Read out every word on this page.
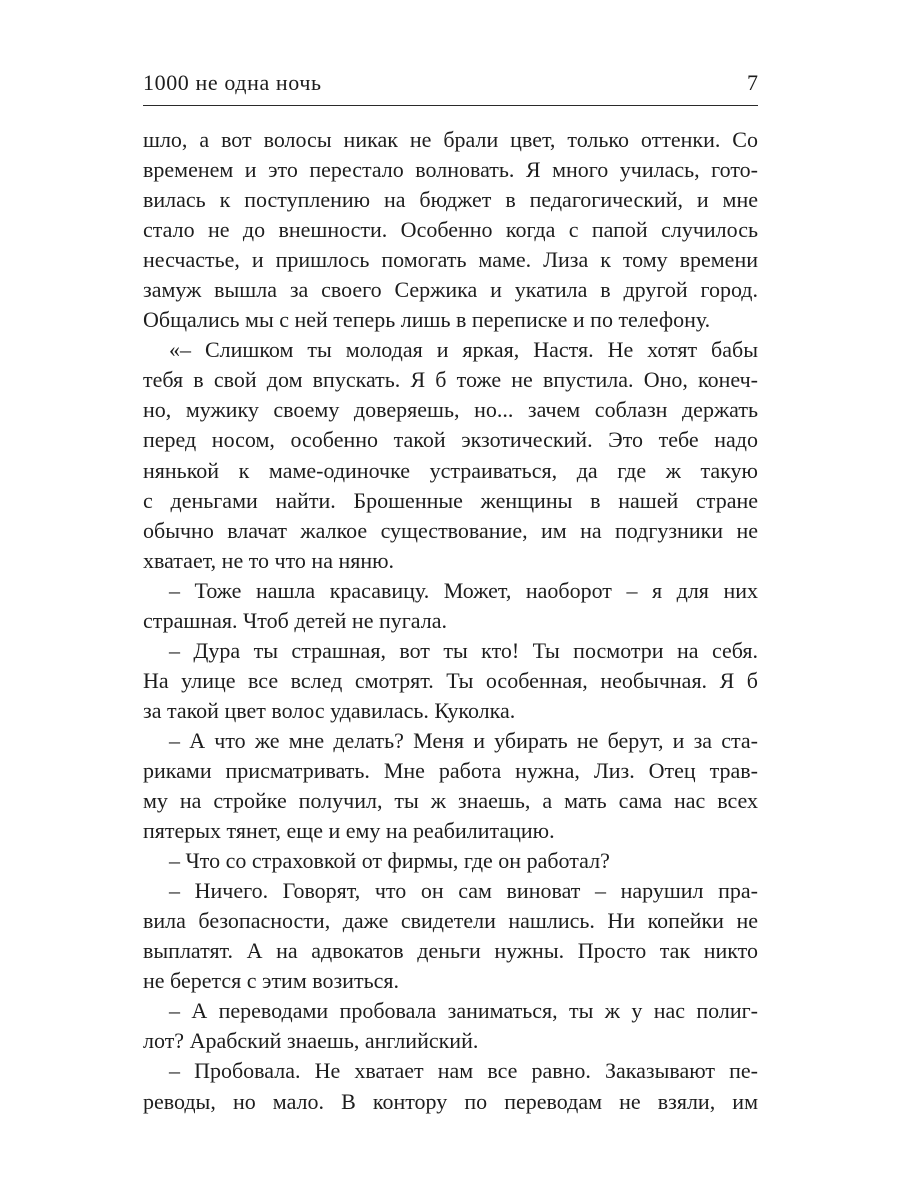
1000 не одна ночь	7
шло, а вот волосы никак не брали цвет, только оттенки. Со
временем и это перестало волновать. Я много училась, гото-
вилась к поступлению на бюджет в педагогический, и мне
стало не до внешности. Особенно когда с папой случилось
несчастье, и пришлось помогать маме. Лиза к тому времени
замуж вышла за своего Сержика и укатила в другой город.
Общались мы с ней теперь лишь в переписке и по телефону.
«– Слишком ты молодая и яркая, Настя. Не хотят бабы
тебя в свой дом впускать. Я б тоже не впустила. Оно, конеч-
но, мужику своему доверяешь, но... зачем соблазн держать
перед носом, особенно такой экзотический. Это тебе надо
нянькой к маме-одиночке устраиваться, да где ж такую
с деньгами найти. Брошенные женщины в нашей стране
обычно влачат жалкое существование, им на подгузники не
хватает, не то что на няню.
– Тоже нашла красавицу. Может, наоборот – я для них
страшная. Чтоб детей не пугала.
– Дура ты страшная, вот ты кто! Ты посмотри на себя.
На улице все вслед смотрят. Ты особенная, необычная. Я б
за такой цвет волос удавилась. Куколка.
– А что же мне делать? Меня и убирать не берут, и за ста-
риками присматривать. Мне работа нужна, Лиз. Отец трав-
му на стройке получил, ты ж знаешь, а мать сама нас всех
пятерых тянет, еще и ему на реабилитацию.
– Что со страховкой от фирмы, где он работал?
– Ничего. Говорят, что он сам виноват – нарушил пра-
вила безопасности, даже свидетели нашлись. Ни копейки не
выплатят. А на адвокатов деньги нужны. Просто так никто
не берется с этим возиться.
– А переводами пробовала заниматься, ты ж у нас полиг-
лот? Арабский знаешь, английский.
– Пробовала. Не хватает нам все равно. Заказывают пе-
реводы, но мало. В контору по переводам не взяли, им
